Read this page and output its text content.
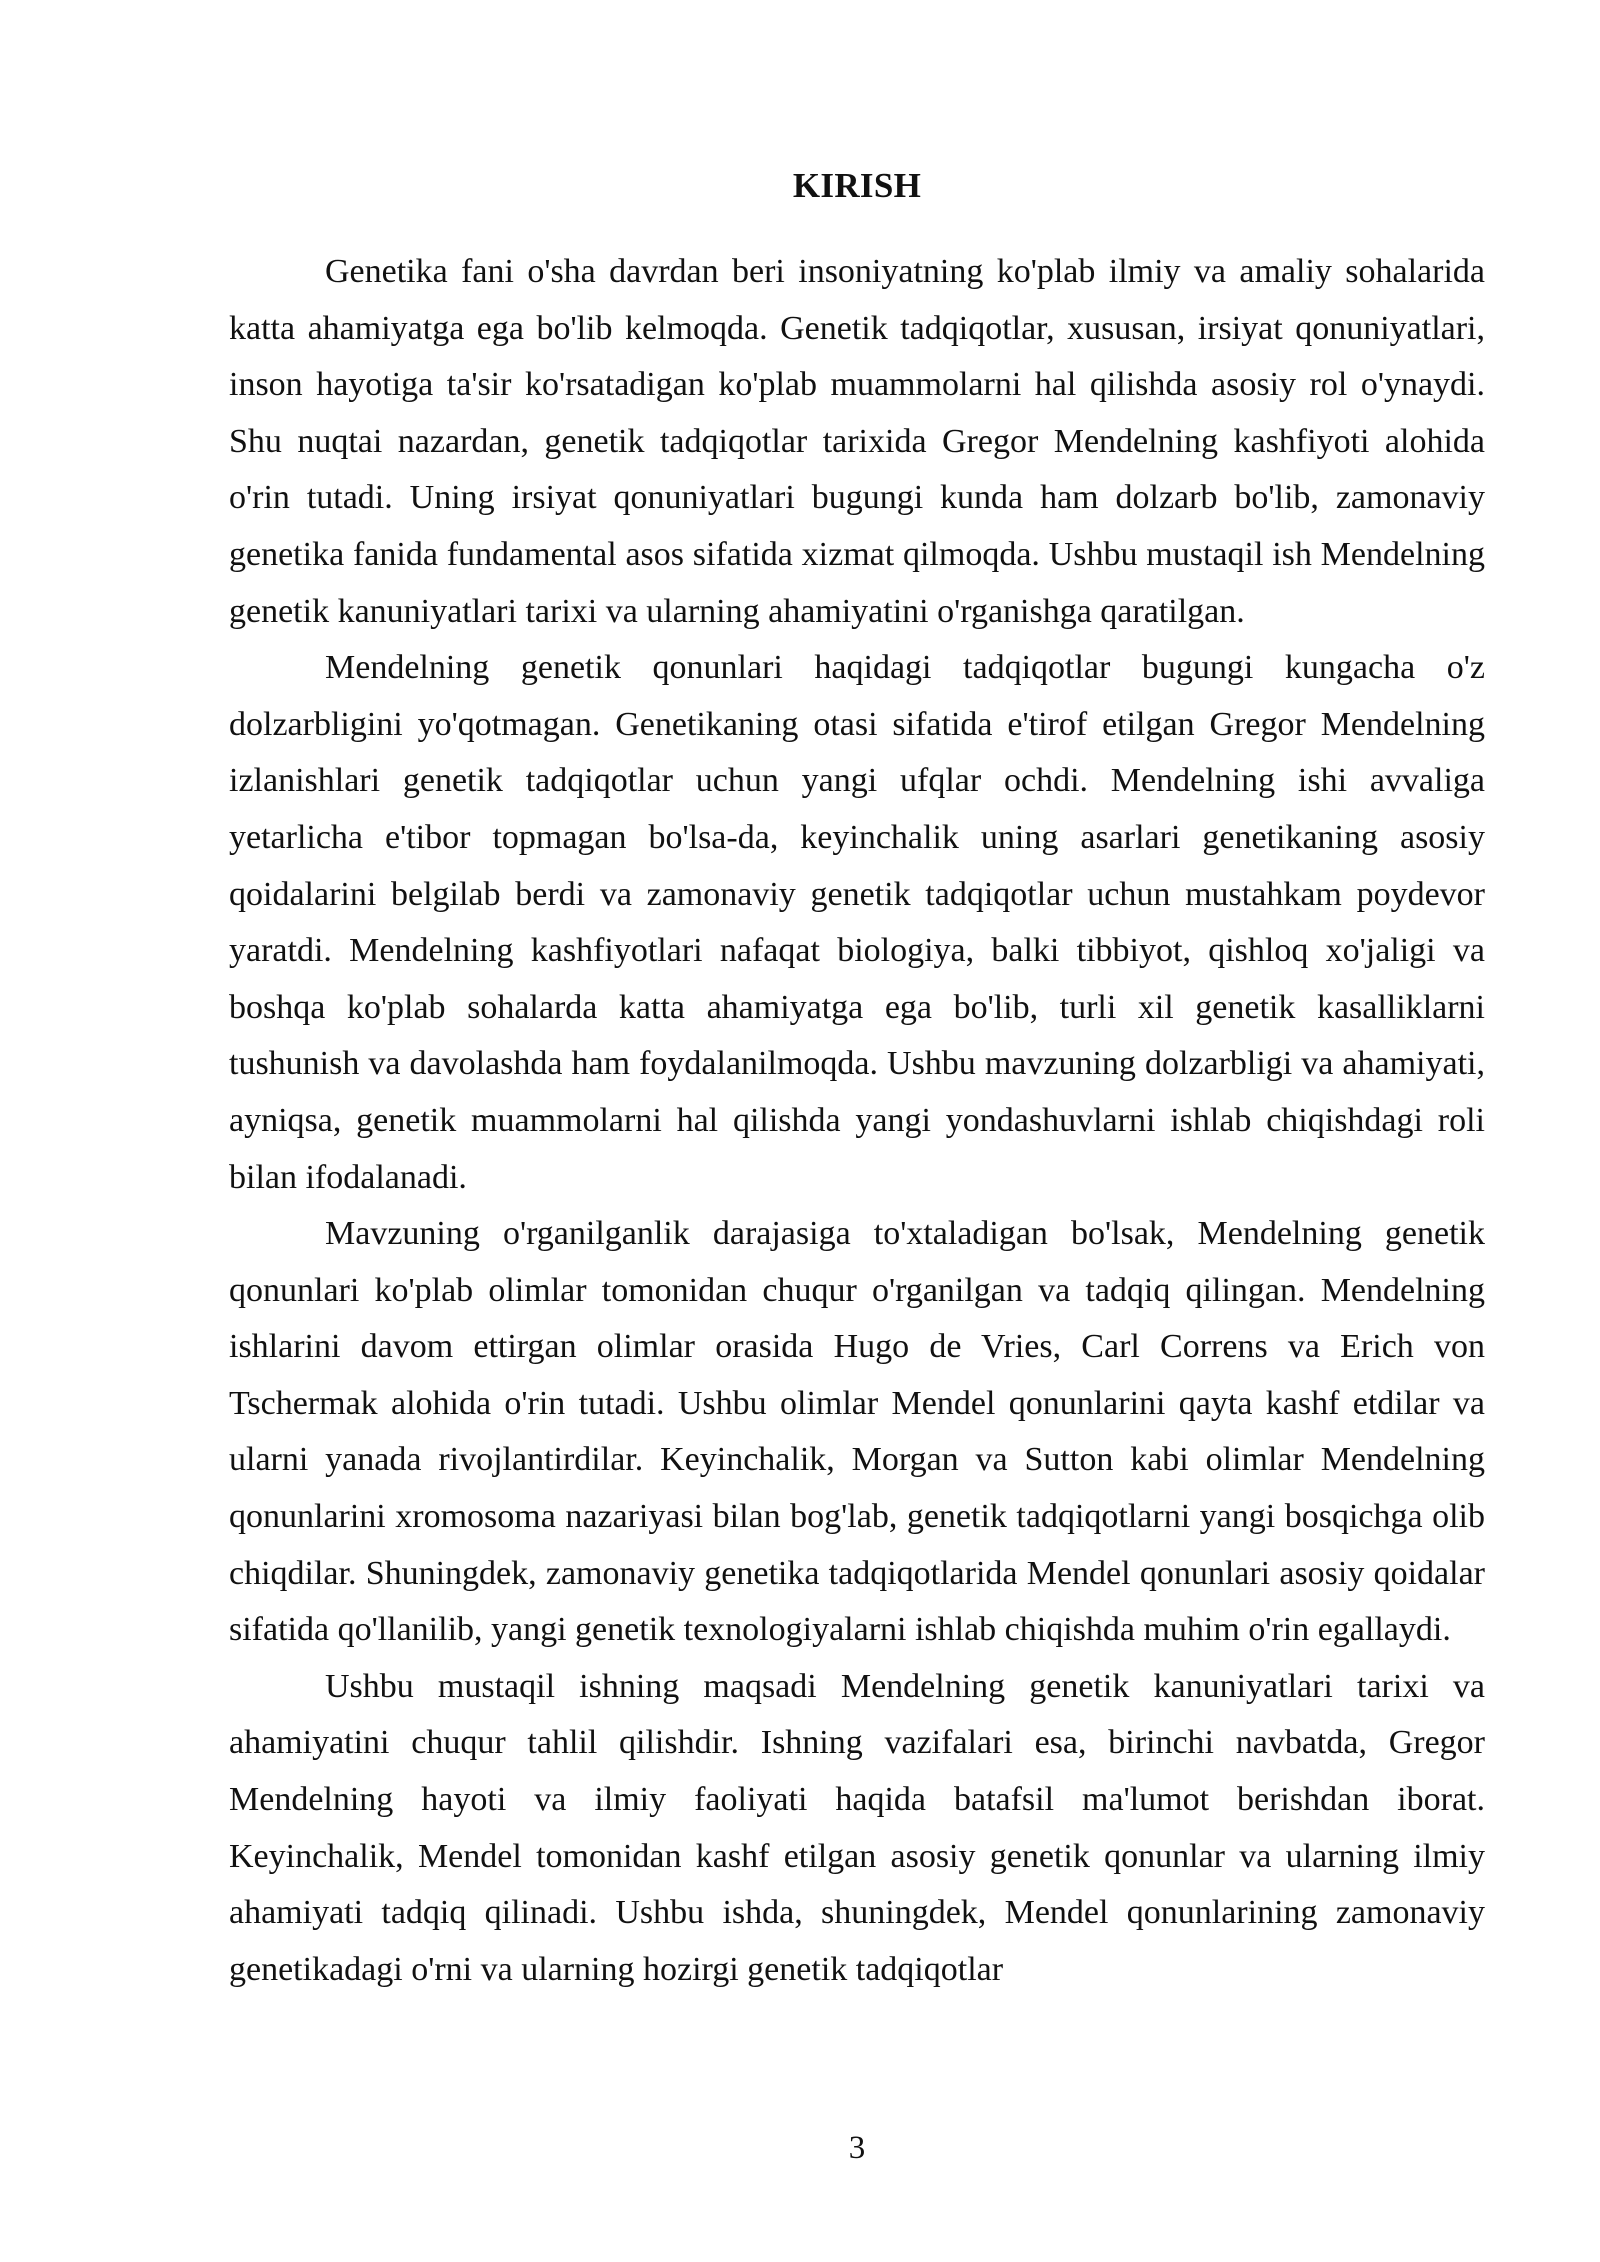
KIRISH

Genetika fani o'sha davrdan beri insoniyatning ko'plab ilmiy va amaliy sohalarida katta ahamiyatga ega bo'lib kelmoqda. Genetik tadqiqotlar, xususan, irsiyat qonuniyatlari, inson hayotiga ta'sir ko'rsatadigan ko'plab muammolarni hal qilishda asosiy rol o'ynaydi. Shu nuqtai nazardan, genetik tadqiqotlar tarixida Gregor Mendelning kashfiyoti alohida o'rin tutadi. Uning irsiyat qonuniyatlari bugungi kunda ham dolzarb bo'lib, zamonaviy genetika fanida fundamental asos sifatida xizmat qilmoqda. Ushbu mustaqil ish Mendelning genetik kanuniyatlari tarixi va ularning ahamiyatini o'rganishga qaratilgan.

Mendelning genetik qonunlari haqidagi tadqiqotlar bugungi kungacha o'z dolzarbligini yo'qotmagan. Genetikaning otasi sifatida e'tirof etilgan Gregor Mendelning izlanishlari genetik tadqiqotlar uchun yangi ufqlar ochdi. Mendelning ishi avvaliga yetarlicha e'tibor topmagan bo'lsa-da, keyinchalik uning asarlari genetikaning asosiy qoidalarini belgilab berdi va zamonaviy genetik tadqiqotlar uchun mustahkam poydevor yaratdi. Mendelning kashfiyotlari nafaqat biologiya, balki tibbiyot, qishloq xo'jaligi va boshqa ko'plab sohalarda katta ahamiyatga ega bo'lib, turli xil genetik kasalliklarni tushunish va davolashda ham foydalanilmoqda. Ushbu mavzuning dolzarbligi va ahamiyati, ayniqsa, genetik muammolarni hal qilishda yangi yondashuvlarni ishlab chiqishdagi roli bilan ifodalanadi.

Mavzuning o'rganilganlik darajasiga to'xtaladigan bo'lsak, Mendelning genetik qonunlari ko'plab olimlar tomonidan chuqur o'rganilgan va tadqiq qilingan. Mendelning ishlarini davom ettirgan olimlar orasida Hugo de Vries, Carl Correns va Erich von Tschermak alohida o'rin tutadi. Ushbu olimlar Mendel qonunlarini qayta kashf etdilar va ularni yanada rivojlantirdilar. Keyinchalik, Morgan va Sutton kabi olimlar Mendelning qonunlarini xromosoma nazariyasi bilan bog'lab, genetik tadqiqotlarni yangi bosqichga olib chiqdilar. Shuningdek, zamonaviy genetika tadqiqotlarida Mendel qonunlari asosiy qoidalar sifatida qo'llanilib, yangi genetik texnologiyalarni ishlab chiqishda muhim o'rin egallaydi.

Ushbu mustaqil ishning maqsadi Mendelning genetik kanuniyatlari tarixi va ahamiyatini chuqur tahlil qilishdir. Ishning vazifalari esa, birinchi navbatda, Gregor Mendelning hayoti va ilmiy faoliyati haqida batafsil ma'lumot berishdan iborat. Keyinchalik, Mendel tomonidan kashf etilgan asosiy genetik qonunlar va ularning ilmiy ahamiyati tadqiq qilinadi. Ushbu ishda, shuningdek, Mendel qonunlarining zamonaviy genetikadagi o'rni va ularning hozirgi genetik tadqiqotlar

3
